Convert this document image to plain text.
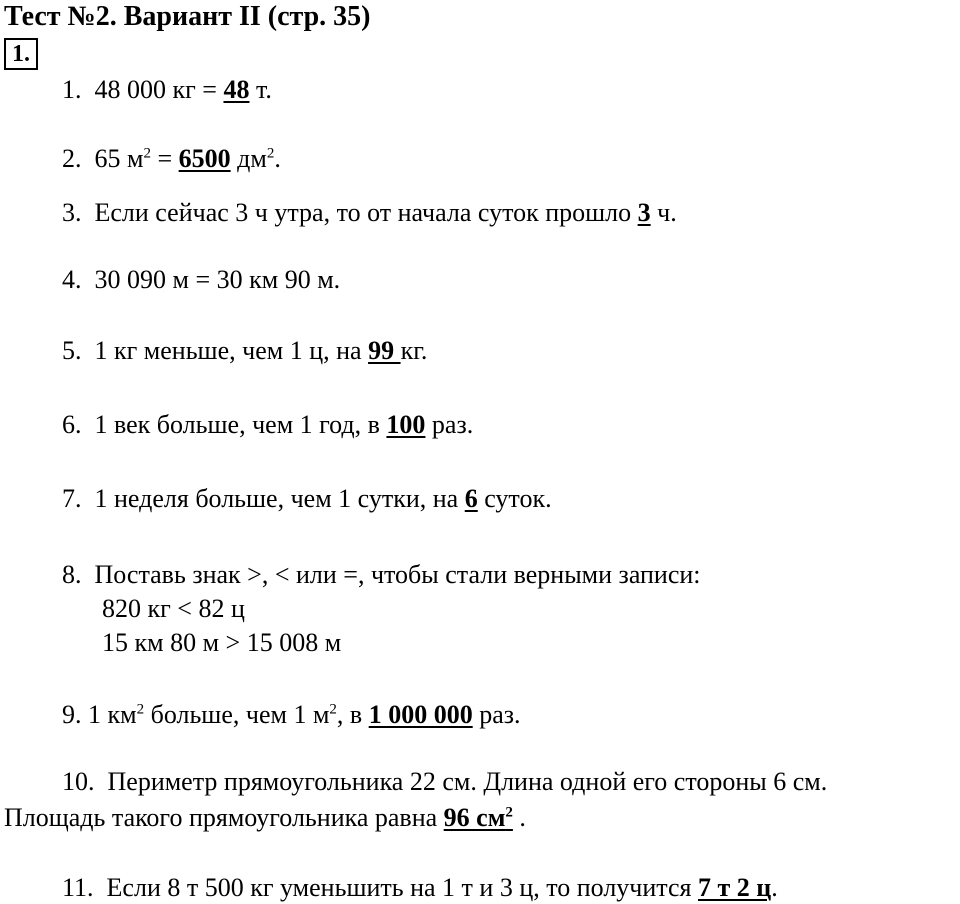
Тест №2. Вариант II (стр. 35)
1.
1. 48 000 кг = 48 т.
2. 65 $м^2 = 6500$ $дм^2$.
3. Если сейчас 3 ч утра, то от начала суток прошло 3 ч.
4. 30 090 м = 30 км 90 м.
5. 1 кг меньше, чем 1 ц, на 99 кг.
6. 1 век больше, чем 1 год, в 100 раз.
7. 1 неделя больше, чем 1 сутки, на 6 суток.
8. Поставь знак >, < или =, чтобы стали верными записи:
820 кг < 82 ц
15 км 80 м > 15 008 м
9. 1 $км^2$ больше, чем 1 $м^2$, в 1 000 000 раз.
10. Периметр прямоугольника 22 см. Длина одной его стороны 6 см.
Площадь такого прямоугольника равна 96 $см^2$ .
11. Если 8 т 500 кг уменьшить на 1 т и 3 ц, то получится 7 т 2 ц.
